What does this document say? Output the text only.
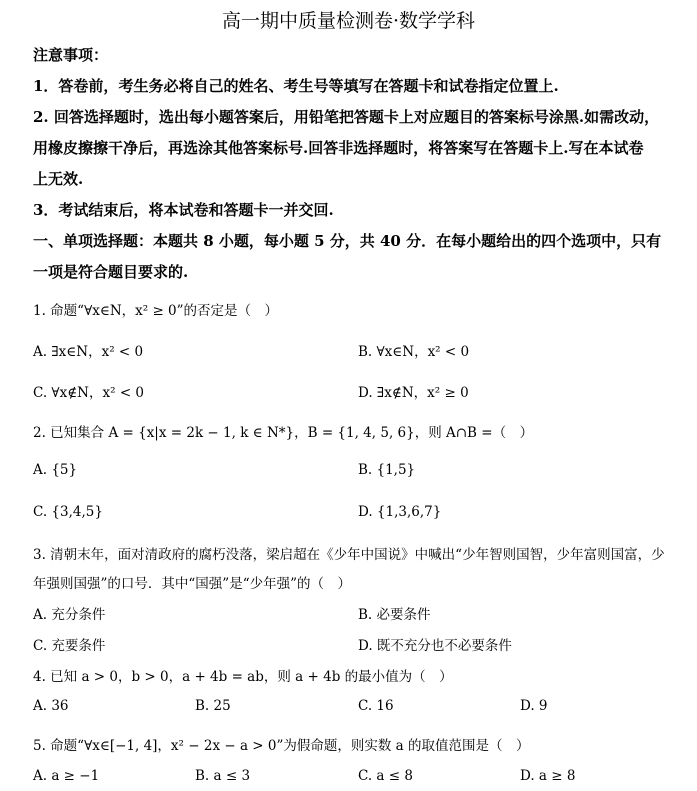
高一期中质量检测卷·数学学科
注意事项：
1．答卷前，考生务必将自己的姓名、考生号等填写在答题卡和试卷指定位置上.
2. 回答选择题时，选出每小题答案后，用铅笔把答题卡上对应题目的答案标号涂黑.如需改动，
用橡皮擦擦干净后，再选涂其他答案标号.回答非选择题时，将答案写在答题卡上.写在本试卷
上无效.
3．考试结束后，将本试卷和答题卡一并交回.
一、单项选择题：本题共 8 小题，每小题 5 分，共 40 分．在每小题给出的四个选项中，只有
一项是符合题目要求的.
1. 命题“∀x∈N，x² ≥ 0”的否定是（　）
A. ∃x∈N，x² < 0	B. ∀x∈N，x² < 0
C. ∀x∉N，x² < 0	D. ∃x∉N，x² ≥ 0
2. 已知集合 A = {x|x = 2k − 1, k ∈ N*}，B = {1, 4, 5, 6}，则 A∩B =（　）
A. {5}	B. {1,5}
C. {3,4,5}	D. {1,3,6,7}
3. 清朝末年，面对清政府的腐朽没落，梁启超在《少年中国说》中喊出“少年智则国智，少年富则国富，少
年强则国强”的口号．其中“国强”是“少年强”的（　）
A. 充分条件	B. 必要条件
C. 充要条件	D. 既不充分也不必要条件
4. 已知 a > 0，b > 0，a + 4b = ab，则 a + 4b 的最小值为（　）
A. 36	B. 25	C. 16	D. 9
5. 命题“∀x∈[−1, 4]，x² − 2x − a > 0”为假命题，则实数 a 的取值范围是（　）
A. a ≥ −1	B. a ≤ 3	C. a ≤ 8	D. a ≥ 8
